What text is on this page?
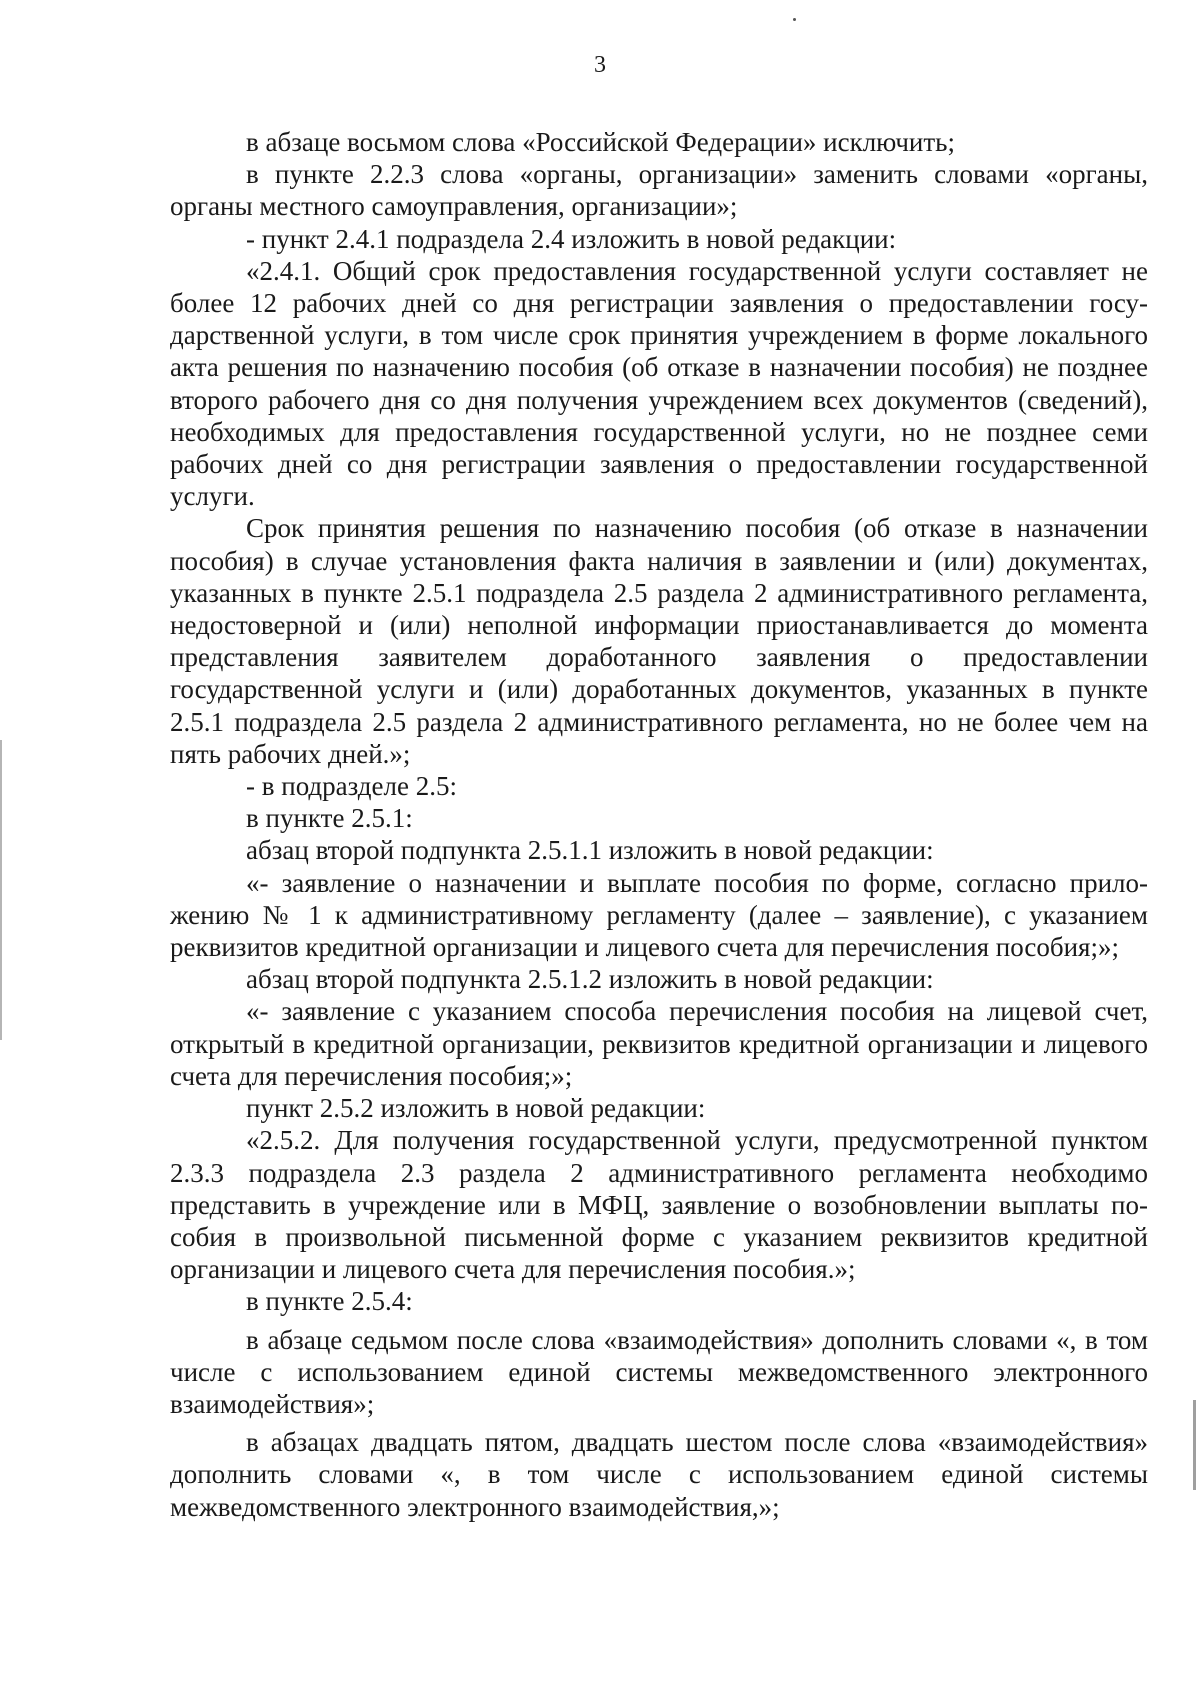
3

в абзаце восьмом слова «Российской Федерации» исключить;

в пункте 2.2.3 слова «органы, организации» заменить словами «органы, органы местного самоуправления, организации»;

- пункт 2.4.1 подраздела 2.4 изложить в новой редакции:

«2.4.1. Общий срок предоставления государственной услуги составляет не более 12 рабочих дней со дня регистрации заявления о предоставлении государственной услуги, в том числе срок принятия учреждением в форме локального акта решения по назначению пособия (об отказе в назначении пособия) не позднее второго рабочего дня со дня получения учреждением всех документов (сведений), необходимых для предоставления государственной услуги, но не позднее семи рабочих дней со дня регистрации заявления о предоставлении государственной услуги.

Срок принятия решения по назначению пособия (об отказе в назначении пособия) в случае установления факта наличия в заявлении и (или) документах, указанных в пункте 2.5.1 подраздела 2.5 раздела 2 административного регламента, недостоверной и (или) неполной информации приостанавливается до момента представления заявителем доработанного заявления о предоставлении государственной услуги и (или) доработанных документов, указанных в пункте 2.5.1 подраздела 2.5 раздела 2 административного регламента, но не более чем на пять рабочих дней.»;

- в подразделе 2.5:

в пункте 2.5.1:

абзац второй подпункта 2.5.1.1 изложить в новой редакции:

«- заявление о назначении и выплате пособия по форме, согласно приложению № 1 к административному регламенту (далее – заявление), с указанием реквизитов кредитной организации и лицевого счета для перечисления пособия;»;

абзац второй подпункта 2.5.1.2 изложить в новой редакции:

«- заявление с указанием способа перечисления пособия на лицевой счет, открытый в кредитной организации, реквизитов кредитной организации и лицевого счета для перечисления пособия;»;

пункт 2.5.2 изложить в новой редакции:

«2.5.2. Для получения государственной услуги, предусмотренной пунктом 2.3.3 подраздела 2.3 раздела 2 административного регламента необходимо представить в учреждение или в МФЦ, заявление о возобновлении выплаты пособия в произвольной письменной форме с указанием реквизитов кредитной организации и лицевого счета для перечисления пособия.»;

в пункте 2.5.4:

в абзаце седьмом после слова «взаимодействия» дополнить словами «, в том числе с использованием единой системы межведомственного электронного взаимодействия»;

в абзацах двадцать пятом, двадцать шестом после слова «взаимодействия» дополнить словами «, в том числе с использованием единой системы межведомственного электронного взаимодействия,»;
